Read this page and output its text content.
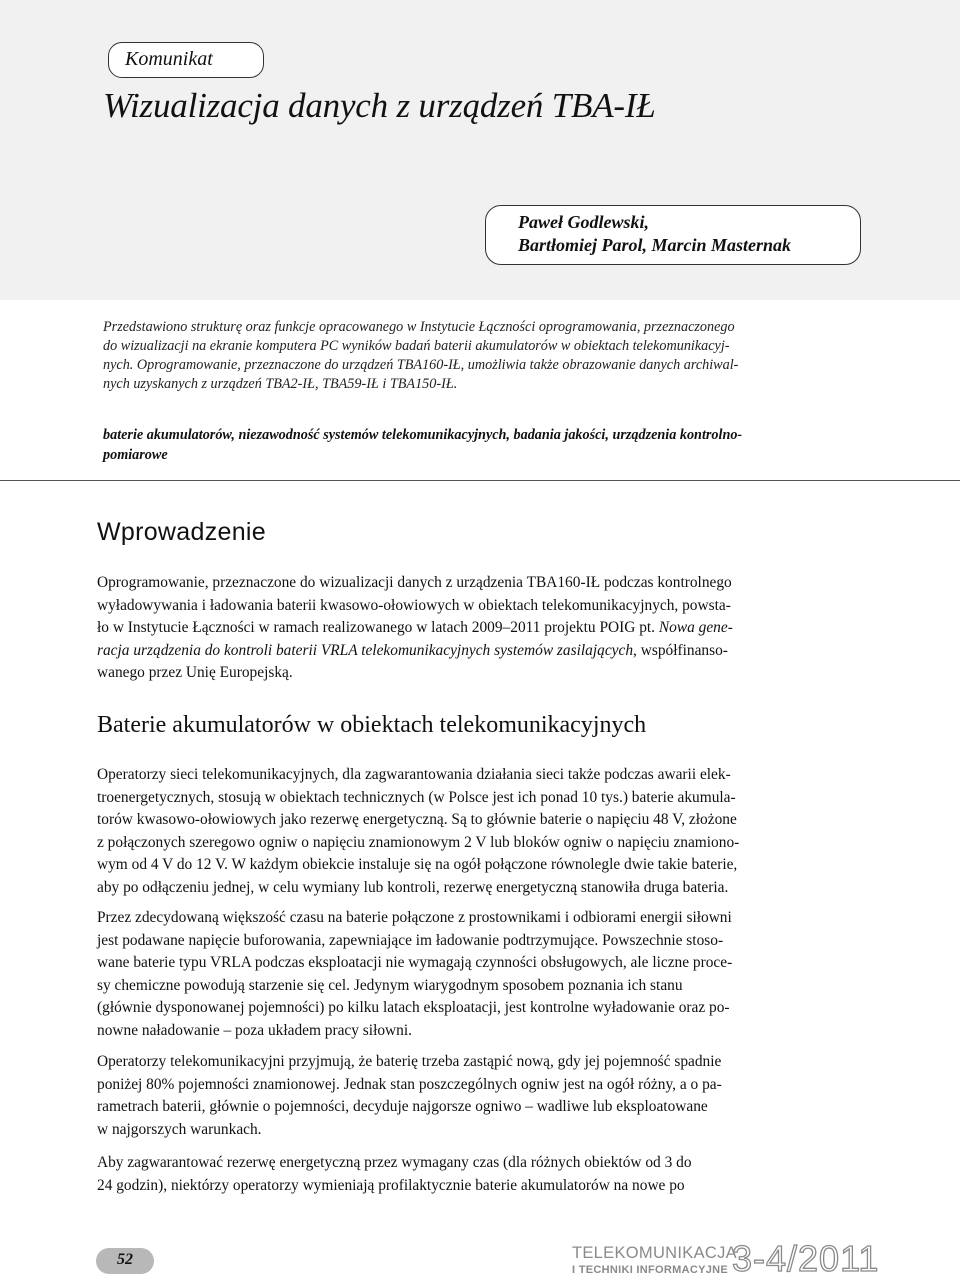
Komunikat
Wizualizacja danych z urządzeń TBA-IŁ
Paweł Godlewski,
Bartłomiej Parol, Marcin Masternak
Przedstawiono strukturę oraz funkcje opracowanego w Instytucie Łączności oprogramowania, przeznaczonego
do wizualizacji na ekranie komputera PC wyników badań baterii akumulatorów w obiektach telekomunikacyj-
nych. Oprogramowanie, przeznaczone do urządzeń TBA160-IŁ, umożliwia także obrazowanie danych archiwal-
nych uzyskanych z urządzeń TBA2-IŁ, TBA59-IŁ i TBA150-IŁ.
baterie akumulatorów, niezawodność systemów telekomunikacyjnych, badania jakości, urządzenia kontrolno-
pomiarowe
Wprowadzenie
Oprogramowanie, przeznaczone do wizualizacji danych z urządzenia TBA160-IŁ podczas kontrolnego
wyładowywania i ładowania baterii kwasowo-ołowiowych w obiektach telekomunikacyjnych, powsta-
ło w Instytucie Łączności w ramach realizowanego w latach 2009–2011 projektu POIG pt. Nowa gene-
racja urządzenia do kontroli baterii VRLA telekomunikacyjnych systemów zasilających, współfinanso-
wanego przez Unię Europejską.
Baterie akumulatorów w obiektach telekomunikacyjnych
Operatorzy sieci telekomunikacyjnych, dla zagwarantowania działania sieci także podczas awarii elek-
troenergetycznych, stosują w obiektach technicznych (w Polsce jest ich ponad 10 tys.) baterie akumula-
torów kwasowo-ołowiowych jako rezerwę energetyczną. Są to głównie baterie o napięciu 48 V, złożone
z połączonych szeregowo ogniw o napięciu znamionowym 2 V lub bloków ogniw o napięciu znamiono-
wym od 4 V do 12 V. W każdym obiekcie instaluje się na ogół połączone równolegle dwie takie baterie,
aby po odłączeniu jednej, w celu wymiany lub kontroli, rezerwę energetyczną stanowiła druga bateria.
Przez zdecydowaną większość czasu na baterie połączone z prostownikami i odbiorami energii siłowni
jest podawane napięcie buforowania, zapewniające im ładowanie podtrzymujące. Powszechnie stoso-
wane baterie typu VRLA podczas eksploatacji nie wymagają czynności obsługowych, ale liczne proce-
sy chemiczne powodują starzenie się cel. Jedynym wiarygodnym sposobem poznania ich stanu
(głównie dysponowanej pojemności) po kilku latach eksploatacji, jest kontrolne wyładowanie oraz po-
nowne naładowanie – poza układem pracy siłowni.
Operatorzy telekomunikacyjni przyjmują, że baterię trzeba zastąpić nową, gdy jej pojemność spadnie
poniżej 80% pojemności znamionowej. Jednak stan poszczególnych ogniw jest na ogół różny, a o pa-
rametrach baterii, głównie o pojemności, decyduje najgorsze ogniwo – wadliwe lub eksploatowane
w najgorszych warunkach.
Aby zagwarantować rezerwę energetyczną przez wymagany czas (dla różnych obiektów od 3 do
24 godzin), niektórzy operatorzy wymieniają profilaktycznie baterie akumulatorów na nowe po
52	TELEKOMUNIKACJA
I TECHNIKI INFORMACYJNE 3-4/2011
